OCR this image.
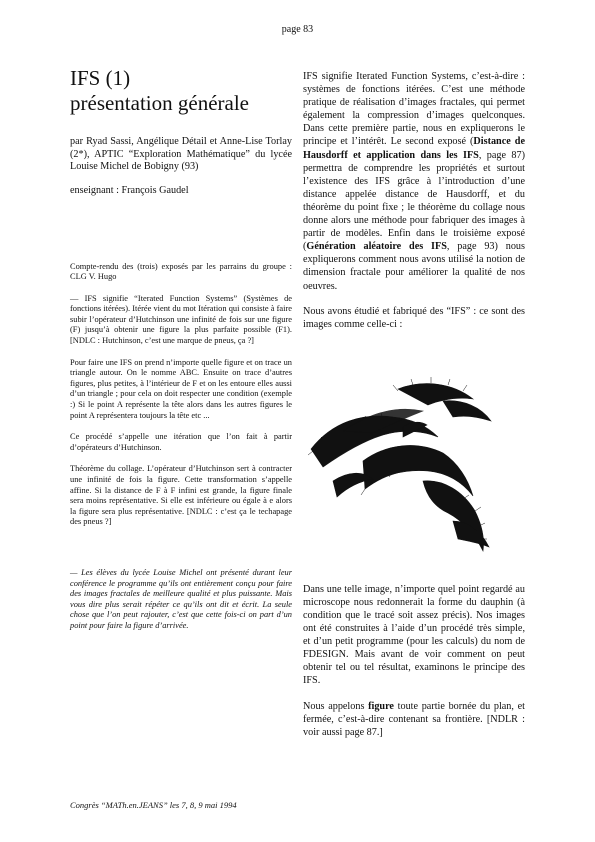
page 83
IFS (1)
présentation générale
par Ryad Sassi, Angélique Détail et Anne-Lise Torlay (2*), APTIC “Exploration Mathématique” du lycée Louise Michel de Bobigny (93)
enseignant : François Gaudel

Compte-rendu des (trois) exposés par les parrains du groupe : CLG V. Hugo

— IFS signifie “Iterated Function Systems” (Systèmes de fonctions itérées). Itérée vient du mot Itération qui consiste à faire subir l’opérateur d’Hutchinson une infinité de fois sur une figure (F) jusqu’à obtenir une figure la plus parfaite possible (F1). [NDLC : Hutchinson, c’est une marque de pneus, ça ?]

Pour faire une IFS on prend n’importe quelle figure et on trace un triangle autour. On le nomme ABC. Ensuite on trace d’autres figures, plus petites, à l’intérieur de F et on les entoure elles aussi d’un triangle ; pour cela on doit respecter une condition (exemple :) Si le point A représente la tête alors dans les autres figures le point A représentera toujours la tête etc ...

Ce procédé s’appelle une itération que l’on fait à partir d’opérateurs d’Hutchinson.

Théorème du collage. L’opérateur d’Hutchinson sert à contracter une infinité de fois la figure. Cette transformation s’appelle affine. Si la distance de F à F infini est grande, la figure finale sera moins représentative. Si elle est inférieure ou égale à e alors la figure sera plus représentative. [NDLC : c’est ça le techapage des pneus ?]

— Les élèves du lycée Louise Michel ont présenté durant leur conférence le programme qu’ils ont entièrement conçu pour faire des images fractales de meilleure qualité et plus puissante. Mais vous dire plus serait répéter ce qu’ils ont dit et écrit. La seule chose que l’on peut rajouter, c’est que cette fois-ci on part d’un point pour faire la figure d’arrivée.

IFS signifie Iterated Function Systems, c’est-à-dire : systèmes de fonctions itérées. C’est une méthode pratique de réalisation d’images fractales, qui permet également la compression d’images quelconques. Dans cette première partie, nous en expliquerons le principe et l’intérêt. Le second exposé (Distance de Hausdorff et application dans les IFS, page 87) permettra de comprendre les propriétés et surtout l’existence des IFS grâce à l’introduction d’une distance appelée distance de Hausdorff, et du théorème du point fixe ; le théorème du collage nous donne alors une méthode pour fabriquer des images à partir de modèles. Enfin dans le troisième exposé (Génération aléatoire des IFS, page 93) nous expliquerons comment nous avons utilisé la notion de dimension fractale pour améliorer la qualité de nos oeuvres.

Nous avons étudié et fabriqué des “IFS” : ce sont des images comme celle-ci :

Dans une telle image, n’importe quel point regardé au microscope nous redonnerait la forme du dauphin (à condition que le tracé soit assez précis). Nos images ont été construites à l’aide d’un procédé très simple, et d’un petit programme (pour les calculs) du nom de FDESIGN. Mais avant de voir comment on peut obtenir tel ou tel résultat, examinons le principe des IFS.

Nous appelons figure toute partie bornée du plan, et fermée, c’est-à-dire contenant sa frontière. [NDLR : voir aussi page 87.]

Congrès “MATh.en.JEANS” les 7, 8, 9 mai 1994
